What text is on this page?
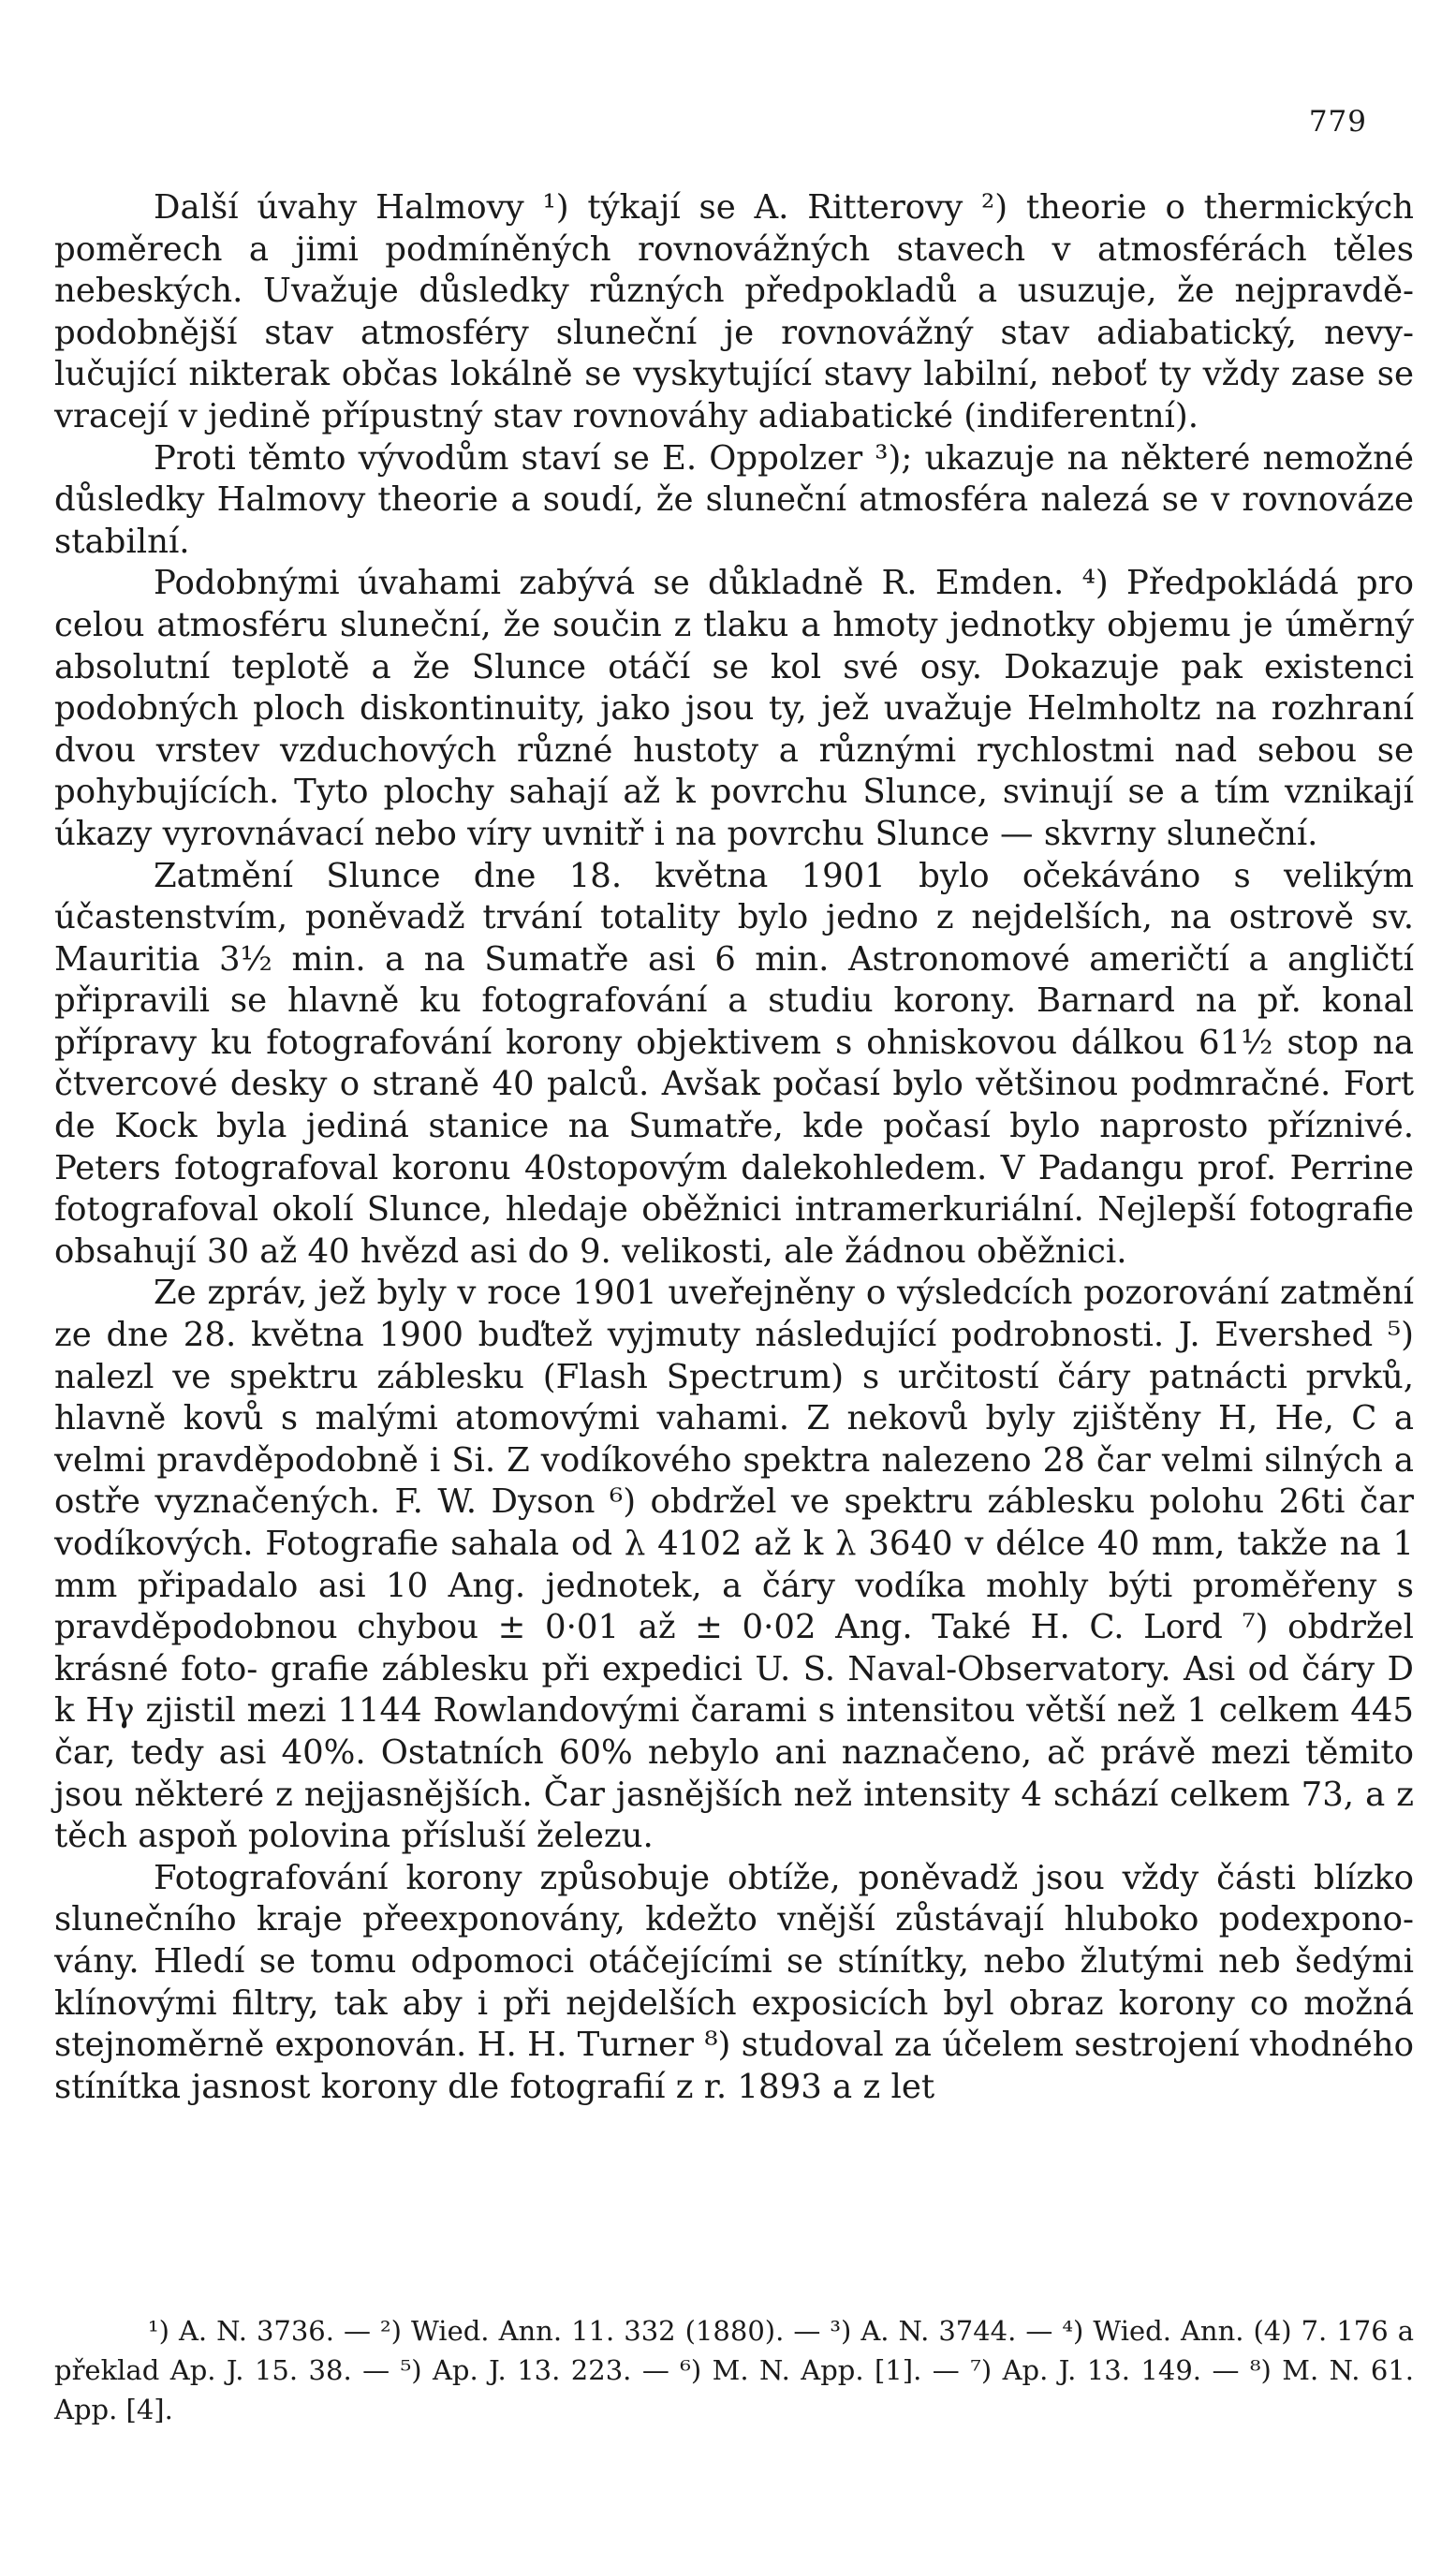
779

Další úvahy Halmovy ¹) týkají se A. Ritterovy ²) theorie o thermických poměrech a jimi podmíněných rovnovážných stavech v atmosférách těles nebeských. Uvažuje důsledky různých předpokladů a usuzuje, že nejpravdě- podobnější stav atmosféry sluneční je rovnovážný stav adiabatický, nevy- lučující nikterak občas lokálně se vyskytující stavy labilní, neboť ty vždy zase se vracejí v jedině přípustný stav rovnováhy adiabatické (indiferentní).

Proti těmto vývodům staví se E. Oppolzer ³); ukazuje na některé nemožné důsledky Halmovy theorie a soudí, že sluneční atmosféra nalezá se v rovnováze stabilní.

Podobnými úvahami zabývá se důkladně R. Emden. ⁴) Předpokládá pro celou atmosféru sluneční, že součin z tlaku a hmoty jednotky objemu je úměrný absolutní teplotě a že Slunce otáčí se kol své osy. Dokazuje pak existenci podobných ploch diskontinuity, jako jsou ty, jež uvažuje Helmholtz na rozhraní dvou vrstev vzduchových různé hustoty a různými rychlostmi nad sebou se pohybujících. Tyto plochy sahají až k povrchu Slunce, svinují se a tím vznikají úkazy vyrovnávací nebo víry uvnitř i na povrchu Slunce — skvrny sluneční.

Zatmění Slunce dne 18. května 1901 bylo očekáváno s velikým účastenstvím, poněvadž trvání totality bylo jedno z nejdelších, na ostrově sv. Mauritia 3½ min. a na Sumatře asi 6 min. Astronomové američtí a angličtí připravili se hlavně ku fotografování a studiu korony. Barnard na př. konal přípravy ku fotografování korony objektivem s ohniskovou dálkou 61½ stop na čtvercové desky o straně 40 palců. Avšak počasí bylo většinou podmračné. Fort de Kock byla jediná stanice na Sumatře, kde počasí bylo naprosto příznivé. Peters fotografoval koronu 40stopovým dalekohledem. V Padangu prof. Perrine fotografoval okolí Slunce, hledaje oběžnici intramerkuriální. Nejlepší fotografie obsahují 30 až 40 hvězd asi do 9. velikosti, ale žádnou oběžnici.

Ze zpráv, jež byly v roce 1901 uveřejněny o výsledcích pozorování zatmění ze dne 28. května 1900 buďtež vyjmuty následující podrobnosti. J. Evershed ⁵) nalezl ve spektru záblesku (Flash Spectrum) s určitostí čáry patnácti prvků, hlavně kovů s malými atomovými vahami. Z nekovů byly zjištěny H, He, C a velmi pravděpodobně i Si. Z vodíkového spektra nalezeno 28 čar velmi silných a ostře vyznačených. F. W. Dyson ⁶) obdržel ve spektru záblesku polohu 26ti čar vodíkových. Fotografie sahala od λ 4102 až k λ 3640 v délce 40 mm, takže na 1 mm připadalo asi 10 Ang. jednotek, a čáry vodíka mohly býti proměřeny s pravděpodobnou chybou ± 0·01 až ± 0·02 Ang. Také H. C. Lord ⁷) obdržel krásné foto- grafie záblesku při expedici U. S. Naval-Observatory. Asi od čáry D k Hγ zjistil mezi 1144 Rowlandovými čarami s intensitou větší než 1 celkem 445 čar, tedy asi 40%. Ostatních 60% nebylo ani naznačeno, ač právě mezi těmito jsou některé z nejjasnějších. Čar jasnějších než intensity 4 schází celkem 73, a z těch aspoň polovina přísluší železu.

Fotografování korony způsobuje obtíže, poněvadž jsou vždy části blízko slunečního kraje přeexponovány, kdežto vnější zůstávají hluboko podexpono- vány. Hledí se tomu odpomoci otáčejícími se stínítky, nebo žlutými neb šedými klínovými filtry, tak aby i při nejdelších exposicích byl obraz korony co možná stejnoměrně exponován. H. H. Turner ⁸) studoval za účelem sestrojení vhodného stínítka jasnost korony dle fotografií z r. 1893 a z let

¹) A. N. 3736. — ²) Wied. Ann. 11. 332 (1880). — ³) A. N. 3744. — ⁴) Wied. Ann. (4) 7. 176 a překlad Ap. J. 15. 38. — ⁵) Ap. J. 13. 223. — ⁶) M. N. App. [1]. — ⁷) Ap. J. 13. 149. — ⁸) M. N. 61. App. [4].
